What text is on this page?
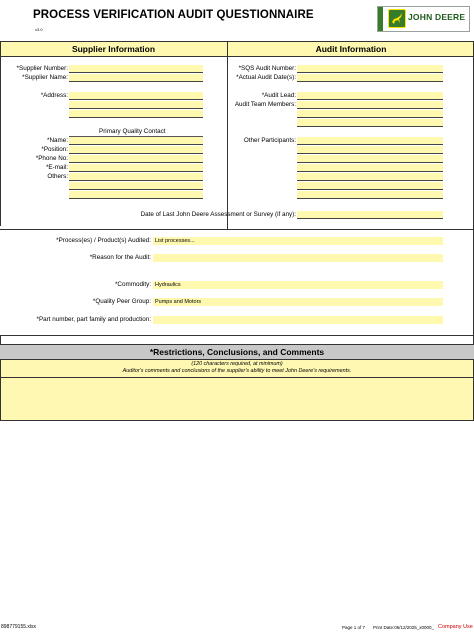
PROCESS VERIFICATION AUDIT QUESTIONNAIRE
v3.0
JOHN DEERE
Supplier Information	Audit Information
*Supplier Number:
*Supplier Name:
*Address:
Primary Quality Contact
*Name:
*Position:
*Phone No:
*E-mail:
Others:
*SQS Audit Number:
*Actual Audit Date(s):
*Audit Lead:
Audit Team Members:
Other Participants:
Date of Last John Deere Assessment or Survey (if any):
*Process(es) / Product(s) Audited: List processes...
*Reason for the Audit:
*Commodity: Hydraulics
*Quality Peer Group: Pumps and Motors
*Part number, part family and production:
*Restrictions, Conclusions, and Comments
(120 characters required, at minimum)
Auditor's comments and conclusions of the supplier's ability to meet John Deere's requirements.
898779155.xlsx	Page 1 of 7 Print Date:06/12/2025_x0000_ Company Use
